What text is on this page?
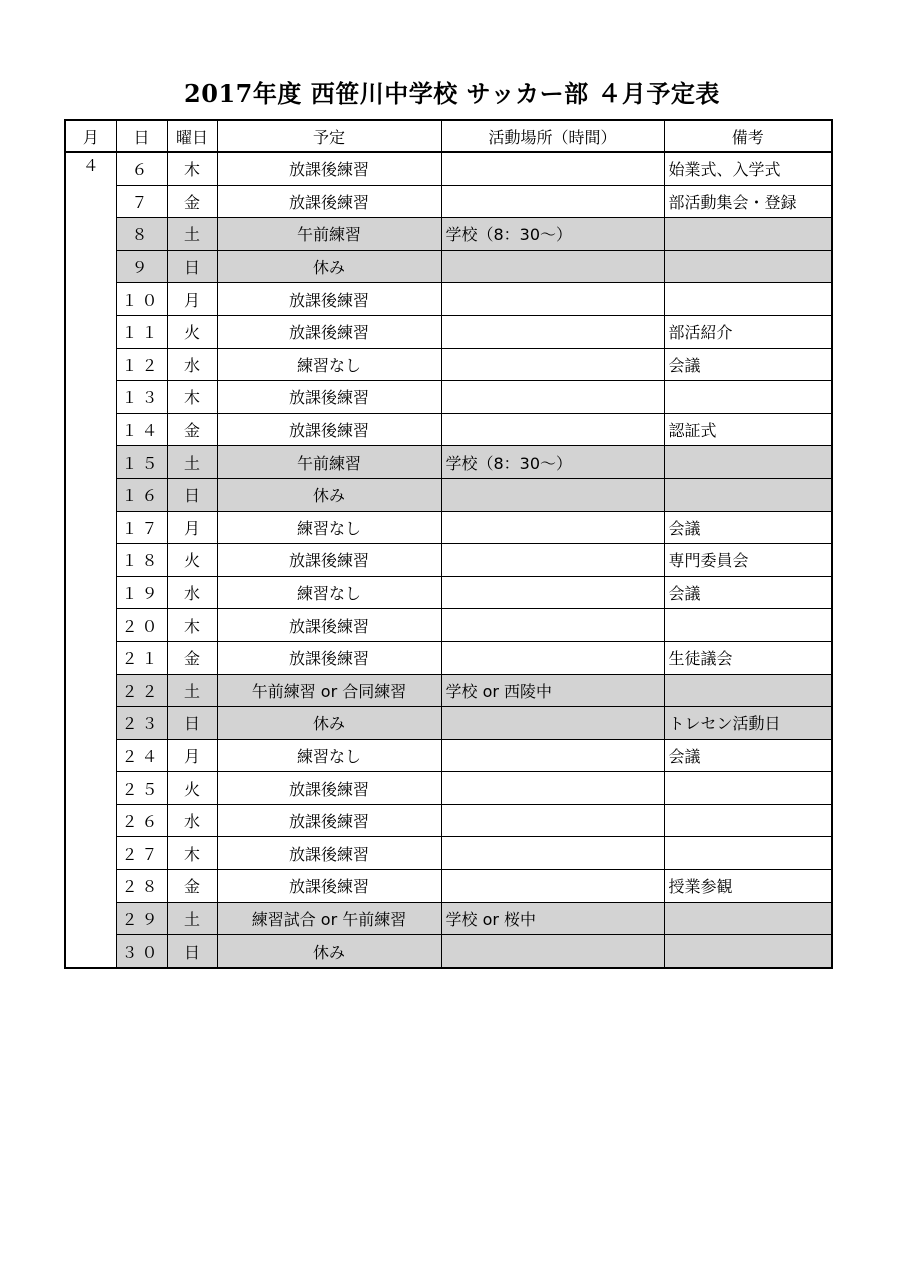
2017年度 西笹川中学校 サッカー部 ４月予定表
月	日	曜日	予定	活動場所（時間）	備考
４	６	木	放課後練習		始業式、入学式
	７	金	放課後練習		部活動集会・登録
	８	土	午前練習	学校（8：30～）	
	９	日	休み		
	１０	月	放課後練習		
	１１	火	放課後練習		部活紹介
	１２	水	練習なし		会議
	１３	木	放課後練習		
	１４	金	放課後練習		認証式
	１５	土	午前練習	学校（8：30～）	
	１６	日	休み		
	１７	月	練習なし		会議
	１８	火	放課後練習		専門委員会
	１９	水	練習なし		会議
	２０	木	放課後練習		
	２１	金	放課後練習		生徒議会
	２２	土	午前練習 or 合同練習	学校 or 西陵中	
	２３	日	休み		トレセン活動日
	２４	月	練習なし		会議
	２５	火	放課後練習		
	２６	水	放課後練習		
	２７	木	放課後練習		
	２８	金	放課後練習		授業参観
	２９	土	練習試合 or 午前練習	学校 or 桜中	
	３０	日	休み		
